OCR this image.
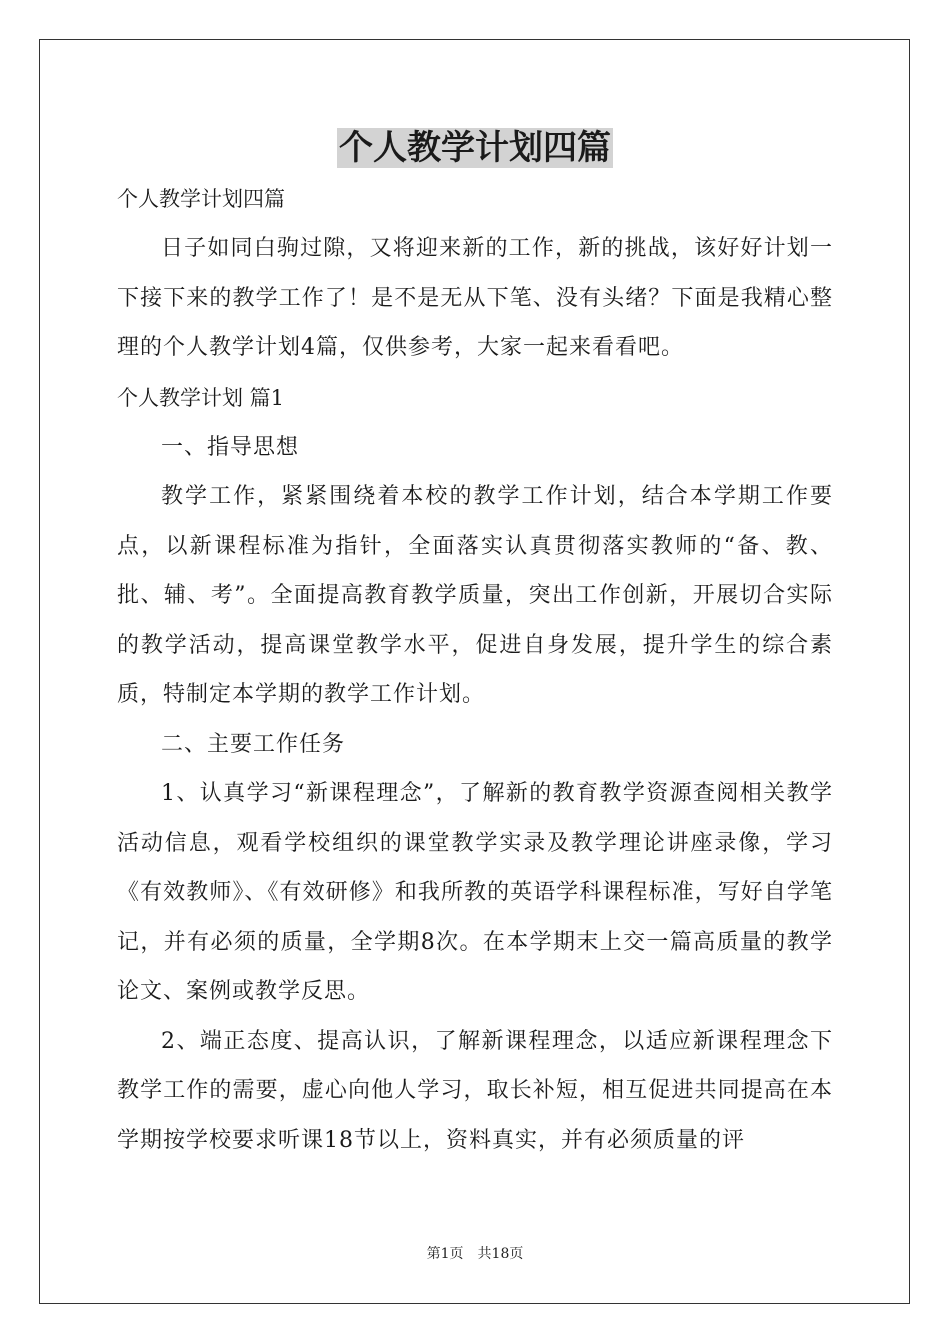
个人教学计划四篇

个人教学计划四篇

日子如同白驹过隙，又将迎来新的工作，新的挑战，该好好计划一下接下来的教学工作了！是不是无从下笔、没有头绪？下面是我精心整理的个人教学计划4篇，仅供参考，大家一起来看看吧。

个人教学计划 篇1

一、指导思想

教学工作，紧紧围绕着本校的教学工作计划，结合本学期工作要点，以新课程标准为指针，全面落实认真贯彻落实教师的“备、教、批、辅、考”。全面提高教育教学质量，突出工作创新，开展切合实际的教学活动，提高课堂教学水平，促进自身发展，提升学生的综合素质，特制定本学期的教学工作计划。

二、主要工作任务

1、认真学习“新课程理念”，了解新的教育教学资源查阅相关教学活动信息，观看学校组织的课堂教学实录及教学理论讲座录像，学习《有效教师》、《有效研修》和我所教的英语学科课程标准，写好自学笔记，并有必须的质量，全学期8次。在本学期末上交一篇高质量的教学论文、案例或教学反思。

2、端正态度、提高认识，了解新课程理念，以适应新课程理念下教学工作的需要，虚心向他人学习，取长补短，相互促进共同提高在本学期按学校要求听课18节以上，资料真实，并有必须质量的评

第1页 共18页
